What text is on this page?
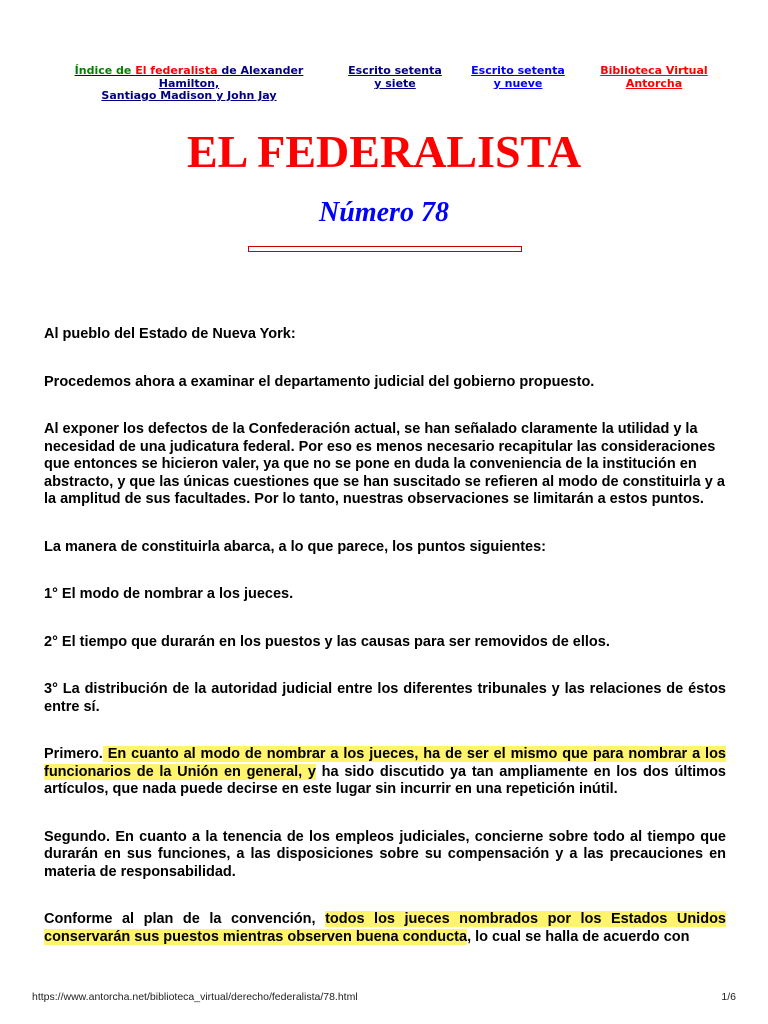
Índice de El federalista de Alexander Hamilton,
Santiago Madison y John Jay
Escrito setenta
y siete
Escrito setenta
y nueve
Biblioteca Virtual
Antorcha
EL FEDERALISTA
Número 78

Al pueblo del Estado de Nueva York:

Procedemos ahora a examinar el departamento judicial del gobierno propuesto.

Al exponer los defectos de la Confederación actual, se han señalado claramente la utilidad y la necesidad de una judicatura federal. Por eso es menos necesario recapitular las consideraciones que entonces se hicieron valer, ya que no se pone en duda la conveniencia de la institución en abstracto, y que las únicas cuestiones que se han suscitado se refieren al modo de constituirla y a la amplitud de sus facultades. Por lo tanto, nuestras observaciones se limitarán a estos puntos.

La manera de constituirla abarca, a lo que parece, los puntos siguientes:

1° El modo de nombrar a los jueces.

2° El tiempo que durarán en los puestos y las causas para ser removidos de ellos.

3° La distribución de la autoridad judicial entre los diferentes tribunales y las relaciones de éstos entre sí.

Primero. En cuanto al modo de nombrar a los jueces, ha de ser el mismo que para nombrar a los funcionarios de la Unión en general, y ha sido discutido ya tan ampliamente en los dos últimos artículos, que nada puede decirse en este lugar sin incurrir en una repetición inútil.

Segundo. En cuanto a la tenencia de los empleos judiciales, concierne sobre todo al tiempo que durarán en sus funciones, a las disposiciones sobre su compensación y a las precauciones en materia de responsabilidad.

Conforme al plan de la convención, todos los jueces nombrados por los Estados Unidos conservarán sus puestos mientras observen buena conducta, lo cual se halla de acuerdo con

https://www.antorcha.net/biblioteca_virtual/derecho/federalista/78.html	1/6
